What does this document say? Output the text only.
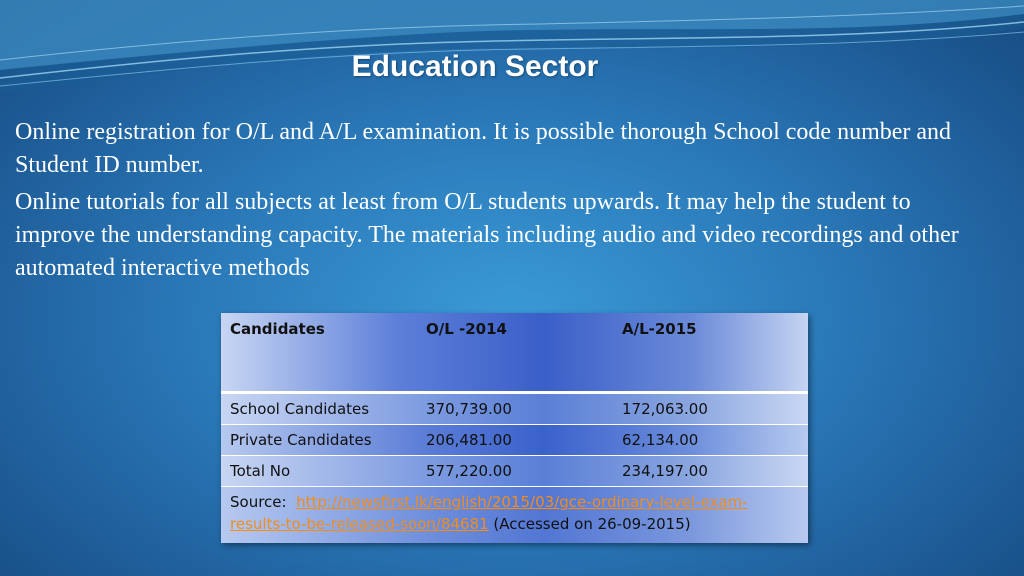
Education Sector

Online registration for O/L and A/L examination. It is possible thorough School code number and Student ID number.

Online tutorials for all subjects at least from O/L students upwards. It may help the student to improve the understanding capacity. The materials including audio and video recordings and other automated interactive methods

Candidates	O/L -2014	A/L-2015
School Candidates	370,739.00	172,063.00
Private Candidates	206,481.00	62,134.00
Total No	577,220.00	234,197.00
Source: http://newsfirst.lk/english/2015/03/gce-ordinary-level-exam-results-to-be-released-soon/84681 (Accessed on 26-09-2015)
